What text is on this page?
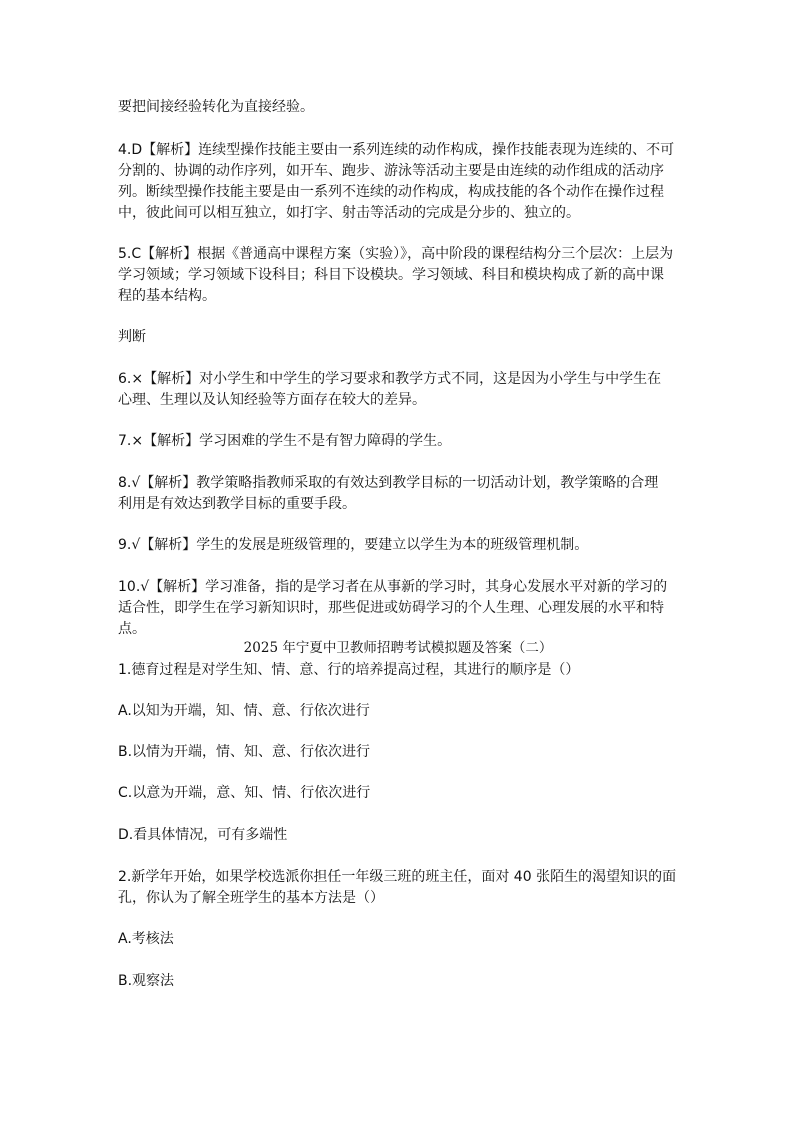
2025 年宁夏中卫教师招聘考试模拟题及答案（二）
要把间接经验转化为直接经验。
4.D【解析】连续型操作技能主要由一系列连续的动作构成，操作技能表现为连续的、不可
分割的、协调的动作序列，如开车、跑步、游泳等活动主要是由连续的动作组成的活动序
列。断续型操作技能主要是由一系列不连续的动作构成，构成技能的各个动作在操作过程
中，彼此间可以相互独立，如打字、射击等活动的完成是分步的、独立的。
5.C【解析】根据《普通高中课程方案（实验）》，高中阶段的课程结构分三个层次：上层为
学习领域；学习领域下设科目；科目下设模块。学习领域、科目和模块构成了新的高中课
程的基本结构。
判断
6.×【解析】对小学生和中学生的学习要求和教学方式不同，这是因为小学生与中学生在
心理、生理以及认知经验等方面存在较大的差异。
7.×【解析】学习困难的学生不是有智力障碍的学生。
8.√【解析】教学策略指教师采取的有效达到教学目标的一切活动计划，教学策略的合理
利用是有效达到教学目标的重要手段。
9.√【解析】学生的发展是班级管理的，要建立以学生为本的班级管理机制。
10.√【解析】学习准备，指的是学习者在从事新的学习时，其身心发展水平对新的学习的
适合性，即学生在学习新知识时，那些促进或妨碍学习的个人生理、心理发展的水平和特
点。
1.德育过程是对学生知、情、意、行的培养提高过程，其进行的顺序是（）
A.以知为开端，知、情、意、行依次进行
B.以情为开端，情、知、意、行依次进行
C.以意为开端，意、知、情、行依次进行
D.看具体情况，可有多端性
2.新学年开始，如果学校选派你担任一年级三班的班主任，面对 40 张陌生的渴望知识的面
孔，你认为了解全班学生的基本方法是（）
A.考核法
B.观察法
